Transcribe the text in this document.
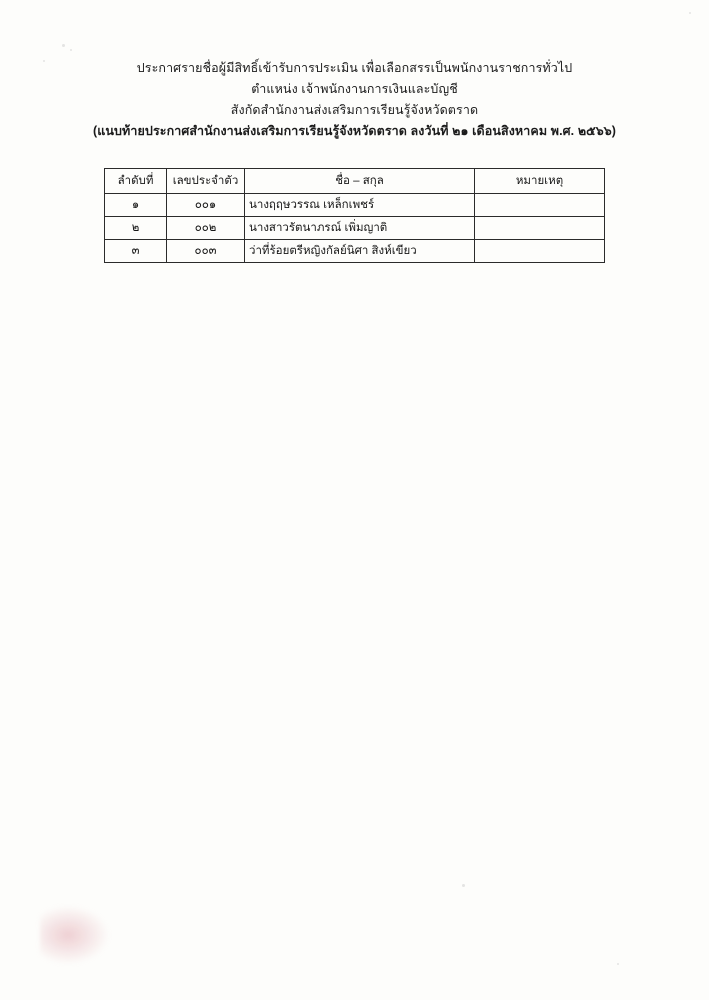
ประกาศรายชื่อผู้มีสิทธิ์เข้ารับการประเมิน เพื่อเลือกสรรเป็นพนักงานราชการทั่วไป
ตำแหน่ง เจ้าพนักงานการเงินและบัญชี
สังกัดสำนักงานส่งเสริมการเรียนรู้จังหวัดตราด
(แนบท้ายประกาศสำนักงานส่งเสริมการเรียนรู้จังหวัดตราด ลงวันที่ ๒๑ เดือนสิงหาคม พ.ศ. ๒๕๖๖)
ลำดับที่	เลขประจำตัว	ชื่อ – สกุล	หมายเหตุ
๑	๐๐๑	นางฤฤษวรรณ เหล็กเพชร์	
๒	๐๐๒	นางสาวรัตนาภรณ์ เพิ่มญาติ	
๓	๐๐๓	ว่าที่ร้อยตรีหญิงกัลย์นิศา สิงห์เขียว	
